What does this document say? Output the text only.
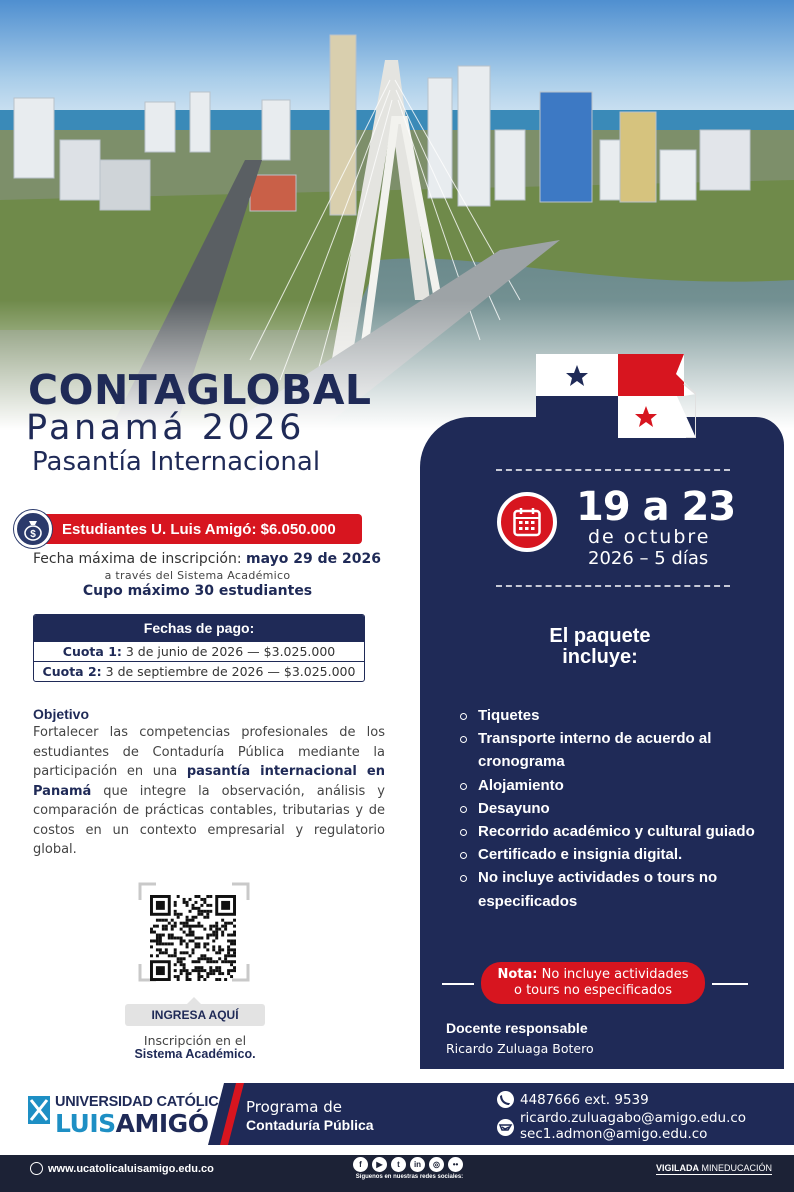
CONTAGLOBAL
Panamá 2026
Pasantía Internacional
Estudiantes U. Luis Amigó: $6.050.000
$
Fecha máxima de inscripción: mayo 29 de 2026
a través del Sistema Académico
Cupo máximo 30 estudiantes
Fechas de pago:
Cuota 1: 3 de junio de 2026 — $3.025.000
Cuota 2: 3 de septiembre de 2026 — $3.025.000
Objetivo
Fortalecer las competencias profesionales de los estudiantes de Contaduría Pública mediante la participación en una pasantía internacional en Panamá que integre la observación, análisis y comparación de prácticas contables, tributarias y de costos en un contexto empresarial y regulatorio global.
INGRESA AQUÍ
Inscripción en el
Sistema Académico.
19 a 23
de octubre
2026 – 5 días
El paquete
incluye:
Tiquetes
Transporte interno de acuerdo al cronograma
Alojamiento
Desayuno
Recorrido académico y cultural guiado
Certificado e insignia digital.
No incluye actividades o tours no especificados
Nota: No incluye actividades
o tours no especificados
Docente responsable
Ricardo Zuluaga Botero
UNIVERSIDAD CATÓLICA
LUISAMIGÓ
Programa de
Contaduría Pública
4487666 ext. 9539
ricardo.zuluagabo@amigo.edu.co
sec1.admon@amigo.edu.co
www.ucatolicaluisamigo.edu.co	f	▶	t	in	◎	••
Síguenos en nuestras redes sociales:
VIGILADA MINEDUCACIÓN
